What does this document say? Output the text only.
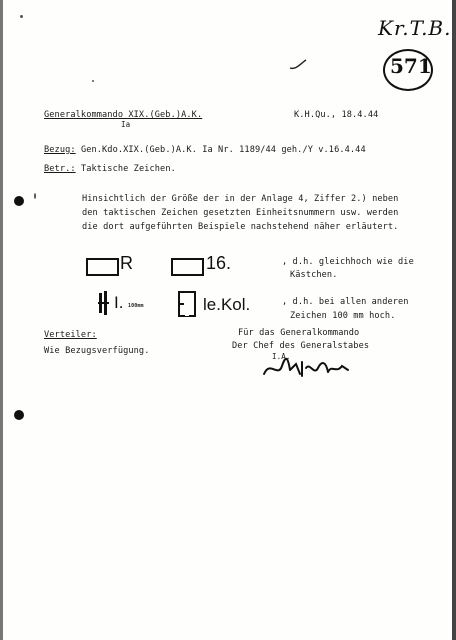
Kr.T.B.
571
Generalkommando XIX.(Geb.)A.K.
Ia
K.H.Qu., 18.4.44
Bezug: Gen.Kdo.XIX.(Geb.)A.K. Ia Nr. 1189/44 geh./Y v.16.4.44
Betr.: Taktische Zeichen.
Hinsichtlich der Größe der in der Anlage 4, Ziffer 2.) neben
den taktischen Zeichen gesetzten Einheitsnummern usw. werden
die dort aufgeführten Beispiele nachstehend näher erläutert.
R	16.	, d.h. gleichhoch wie die
Kästchen.
I. 100mm	le.Kol.	, d.h. bei allen anderen
Zeichen 100 mm hoch.
Verteiler:
Wie Bezugsverfügung.
Für das Generalkommando
Der Chef des Generalstabes
I.A.
